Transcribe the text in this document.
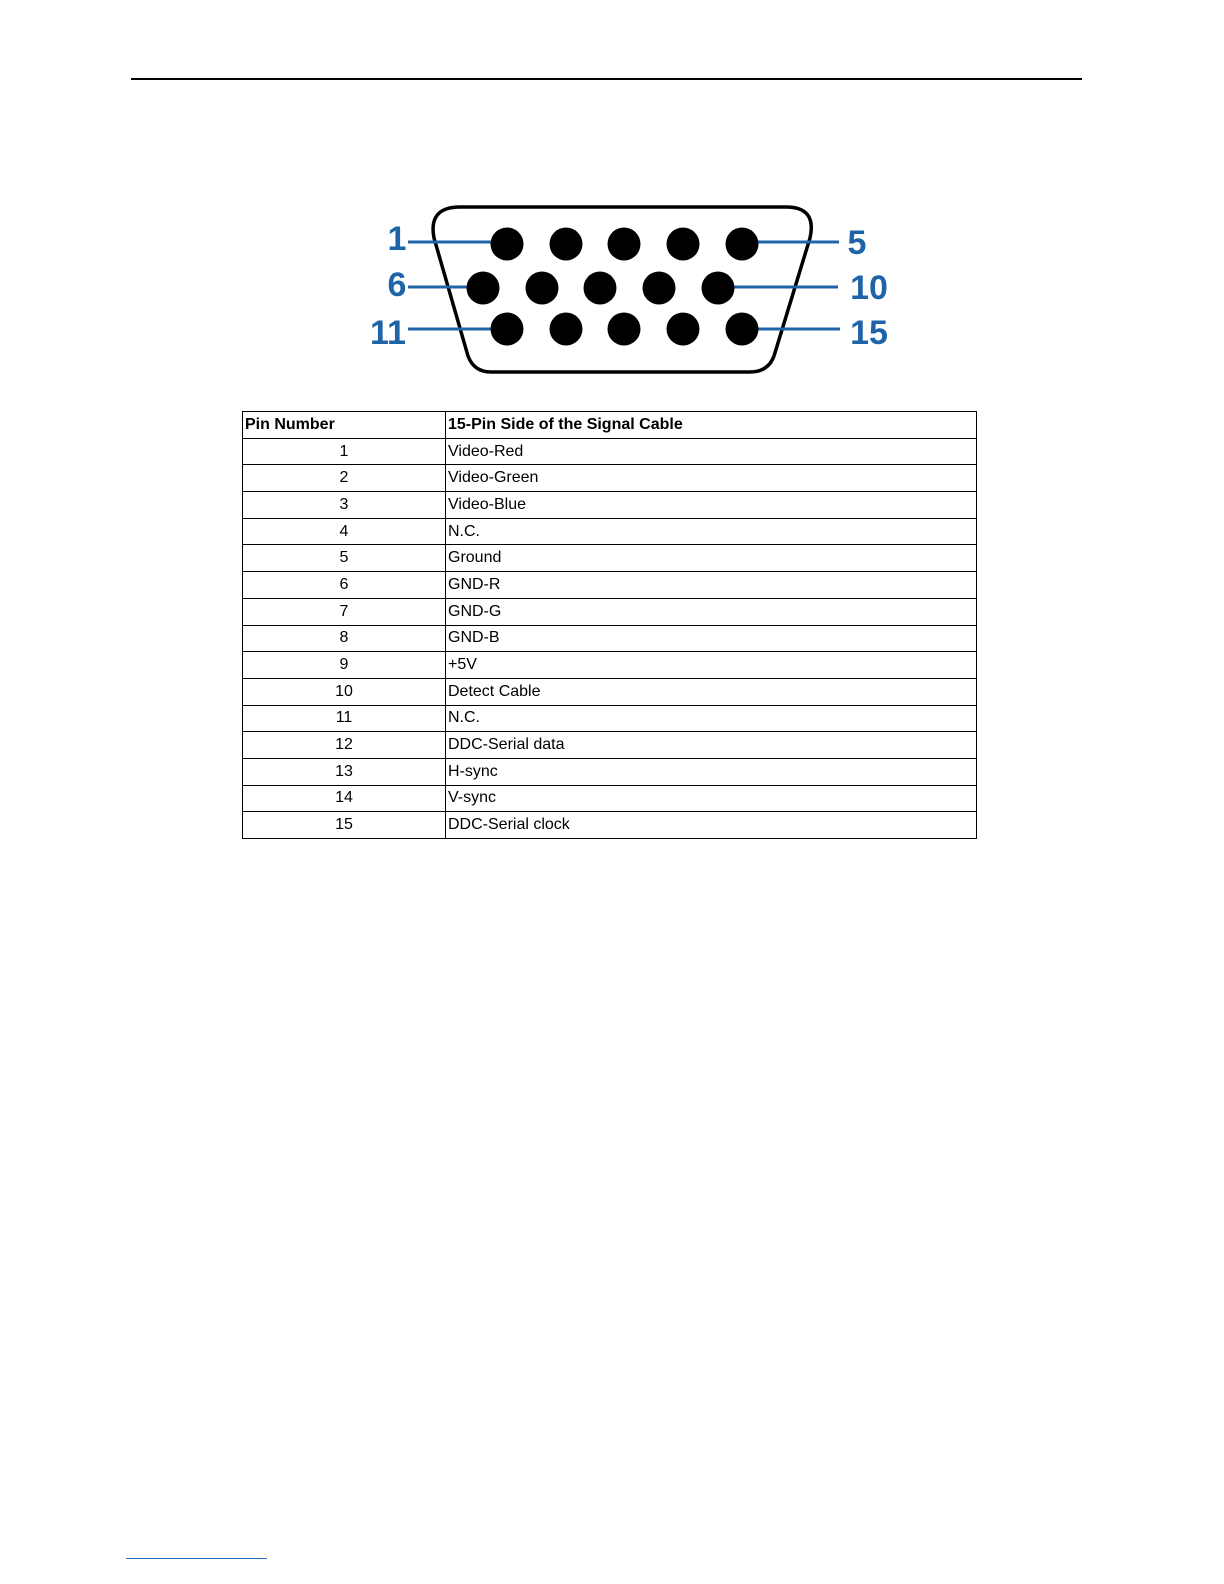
1	5
6	10
11	15
Pin Number	15-Pin Side of the Signal Cable
1	Video-Red
2	Video-Green
3	Video-Blue
4	N.C.
5	Ground
6	GND-R
7	GND-G
8	GND-B
9	+5V
10	Detect Cable
11	N.C.
12	DDC-Serial data
13	H-sync
14	V-sync
15	DDC-Serial clock
